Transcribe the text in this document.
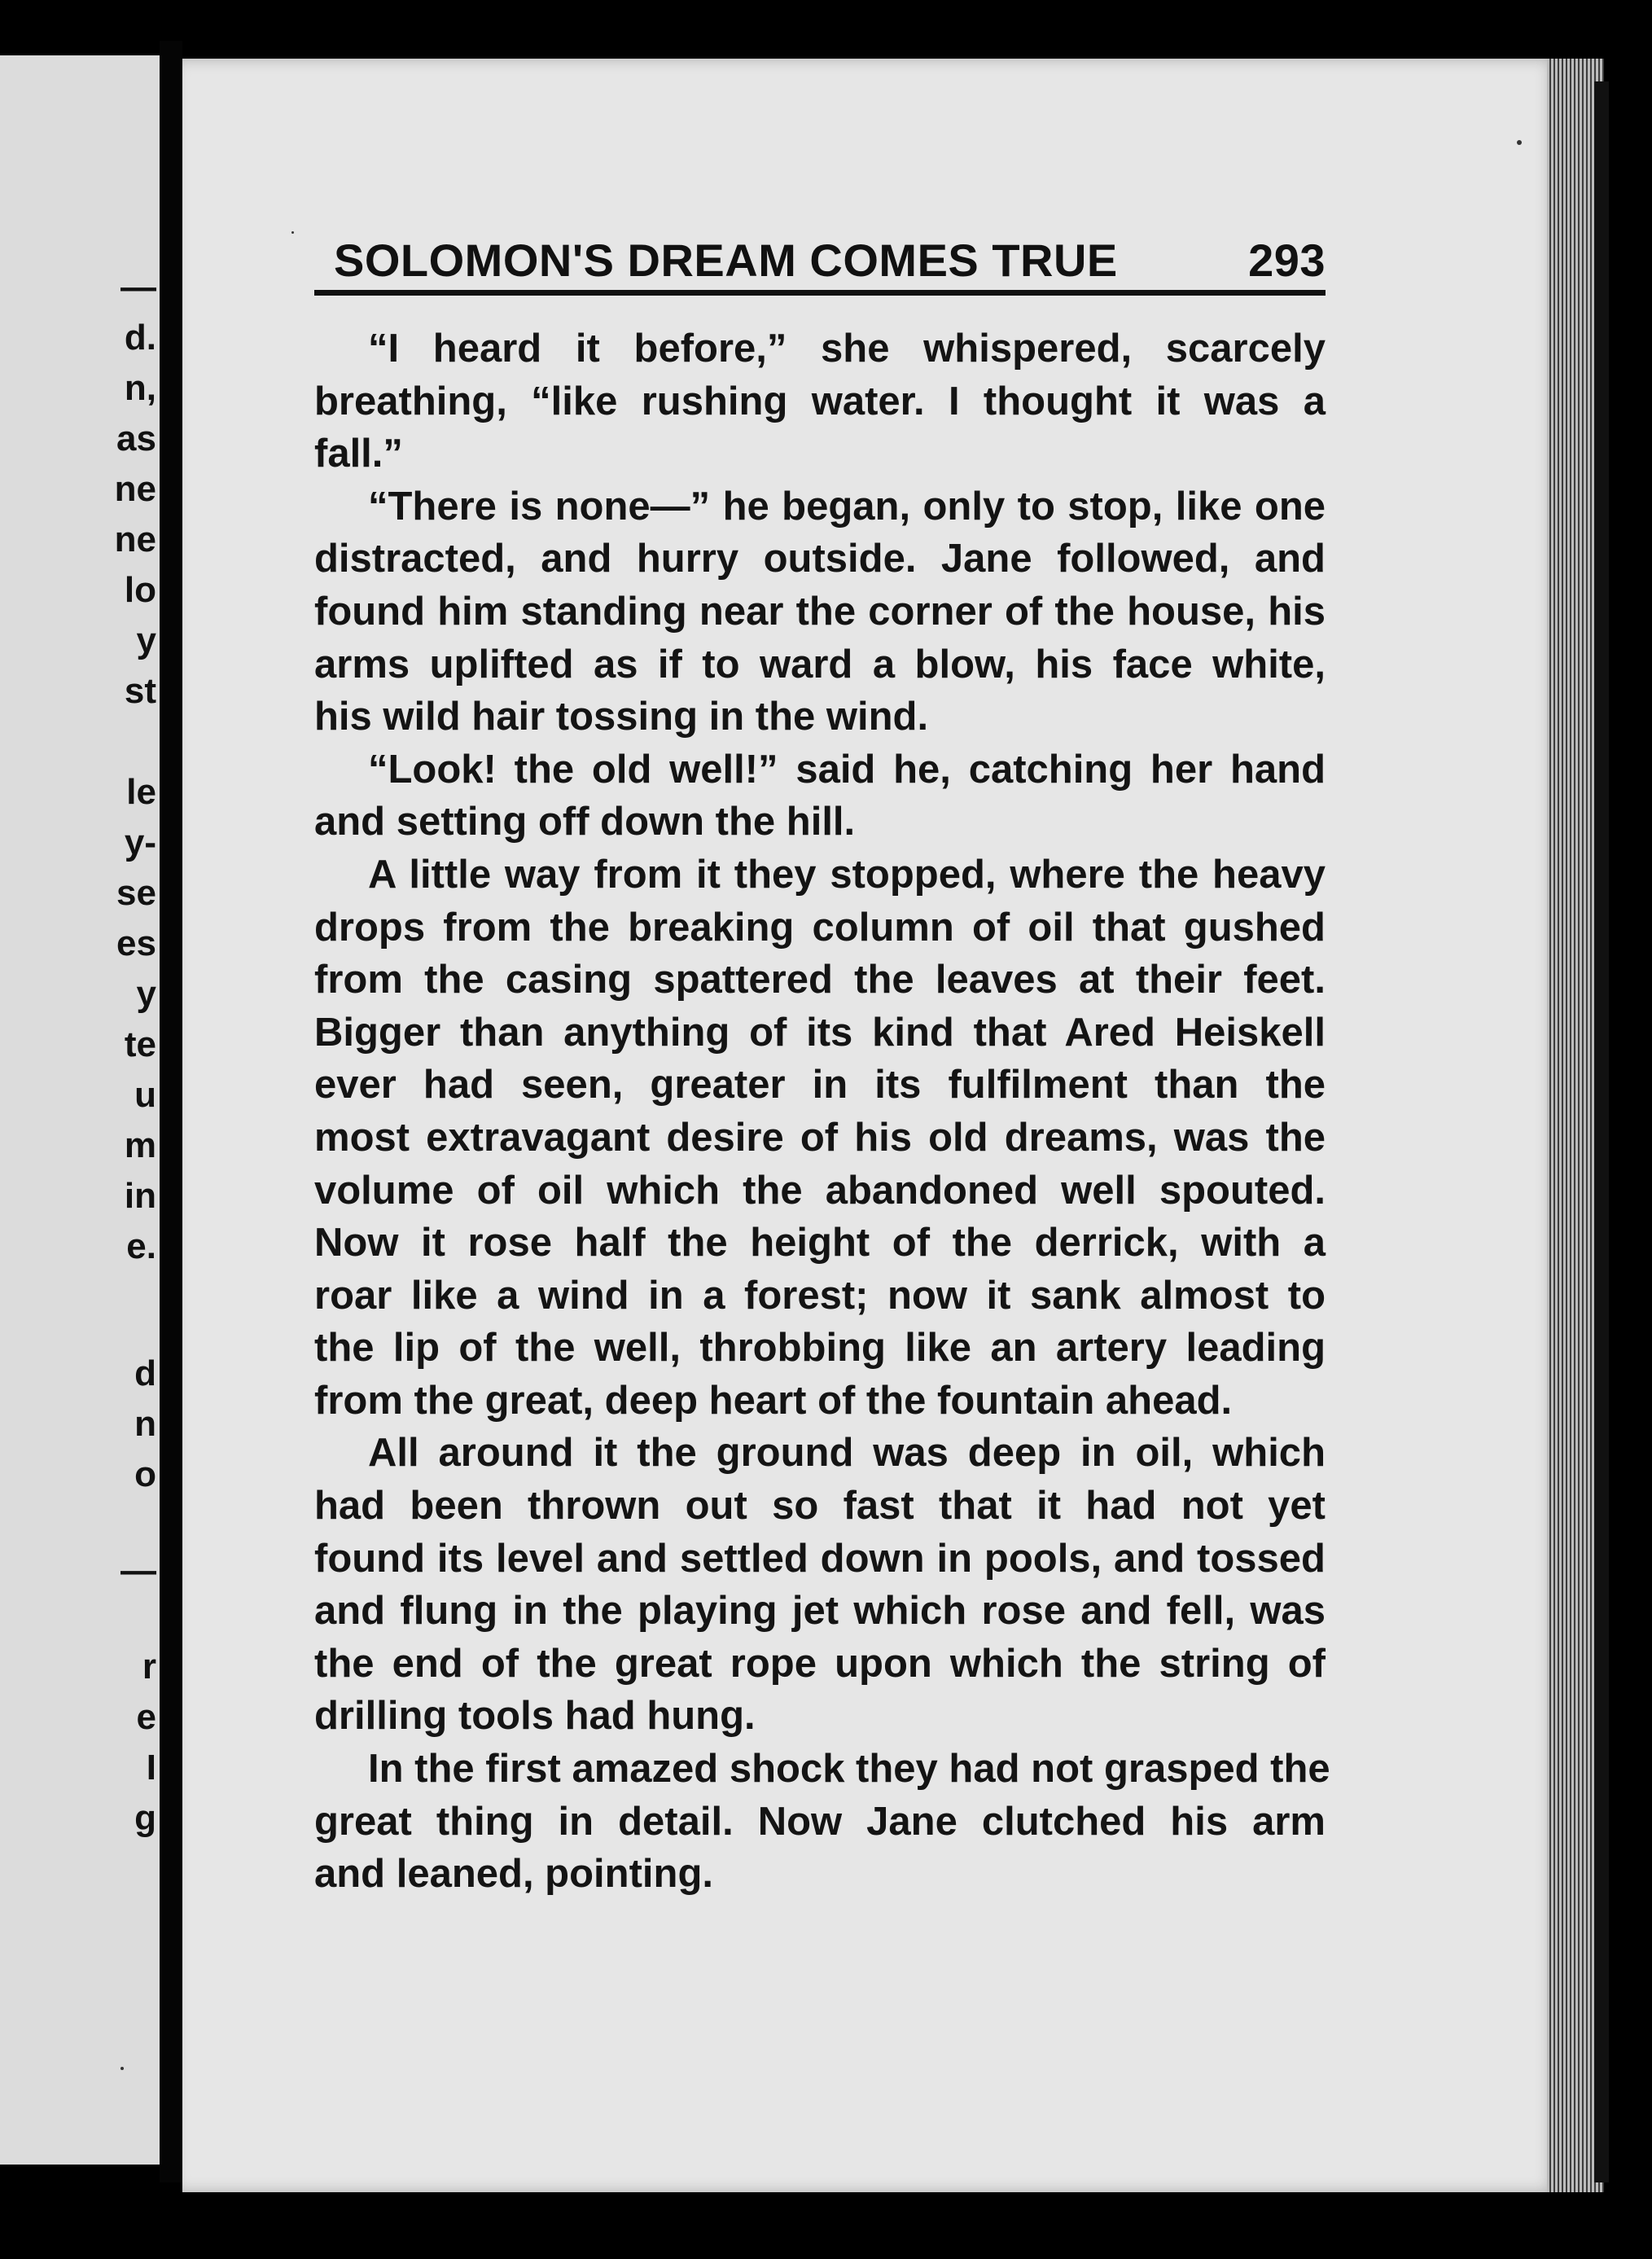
—
d.
n,
as
ne
ne
lo
y
st
le
y-
se
es
y
te
u
m
in
e.
d
n
o
—
r
e
I
g
SOLOMON'S DREAM COMES TRUE	293
“I heard it before,” she whispered, scarcely
breathing, “like rushing water. I thought it was a
fall.”
“There is none—” he began, only to stop, like one
distracted, and hurry outside. Jane followed, and
found him standing near the corner of the house, his
arms uplifted as if to ward a blow, his face white,
his wild hair tossing in the wind.
“Look! the old well!” said he, catching her hand
and setting off down the hill.
A little way from it they stopped, where the heavy
drops from the breaking column of oil that gushed
from the casing spattered the leaves at their feet.
Bigger than anything of its kind that Ared Heiskell
ever had seen, greater in its fulfilment than the
most extravagant desire of his old dreams, was the
volume of oil which the abandoned well spouted.
Now it rose half the height of the derrick, with a
roar like a wind in a forest; now it sank almost to
the lip of the well, throbbing like an artery leading
from the great, deep heart of the fountain ahead.
All around it the ground was deep in oil, which
had been thrown out so fast that it had not yet
found its level and settled down in pools, and tossed
and flung in the playing jet which rose and fell, was
the end of the great rope upon which the string of
drilling tools had hung.
In the first amazed shock they had not grasped the
great thing in detail. Now Jane clutched his arm
and leaned, pointing.
